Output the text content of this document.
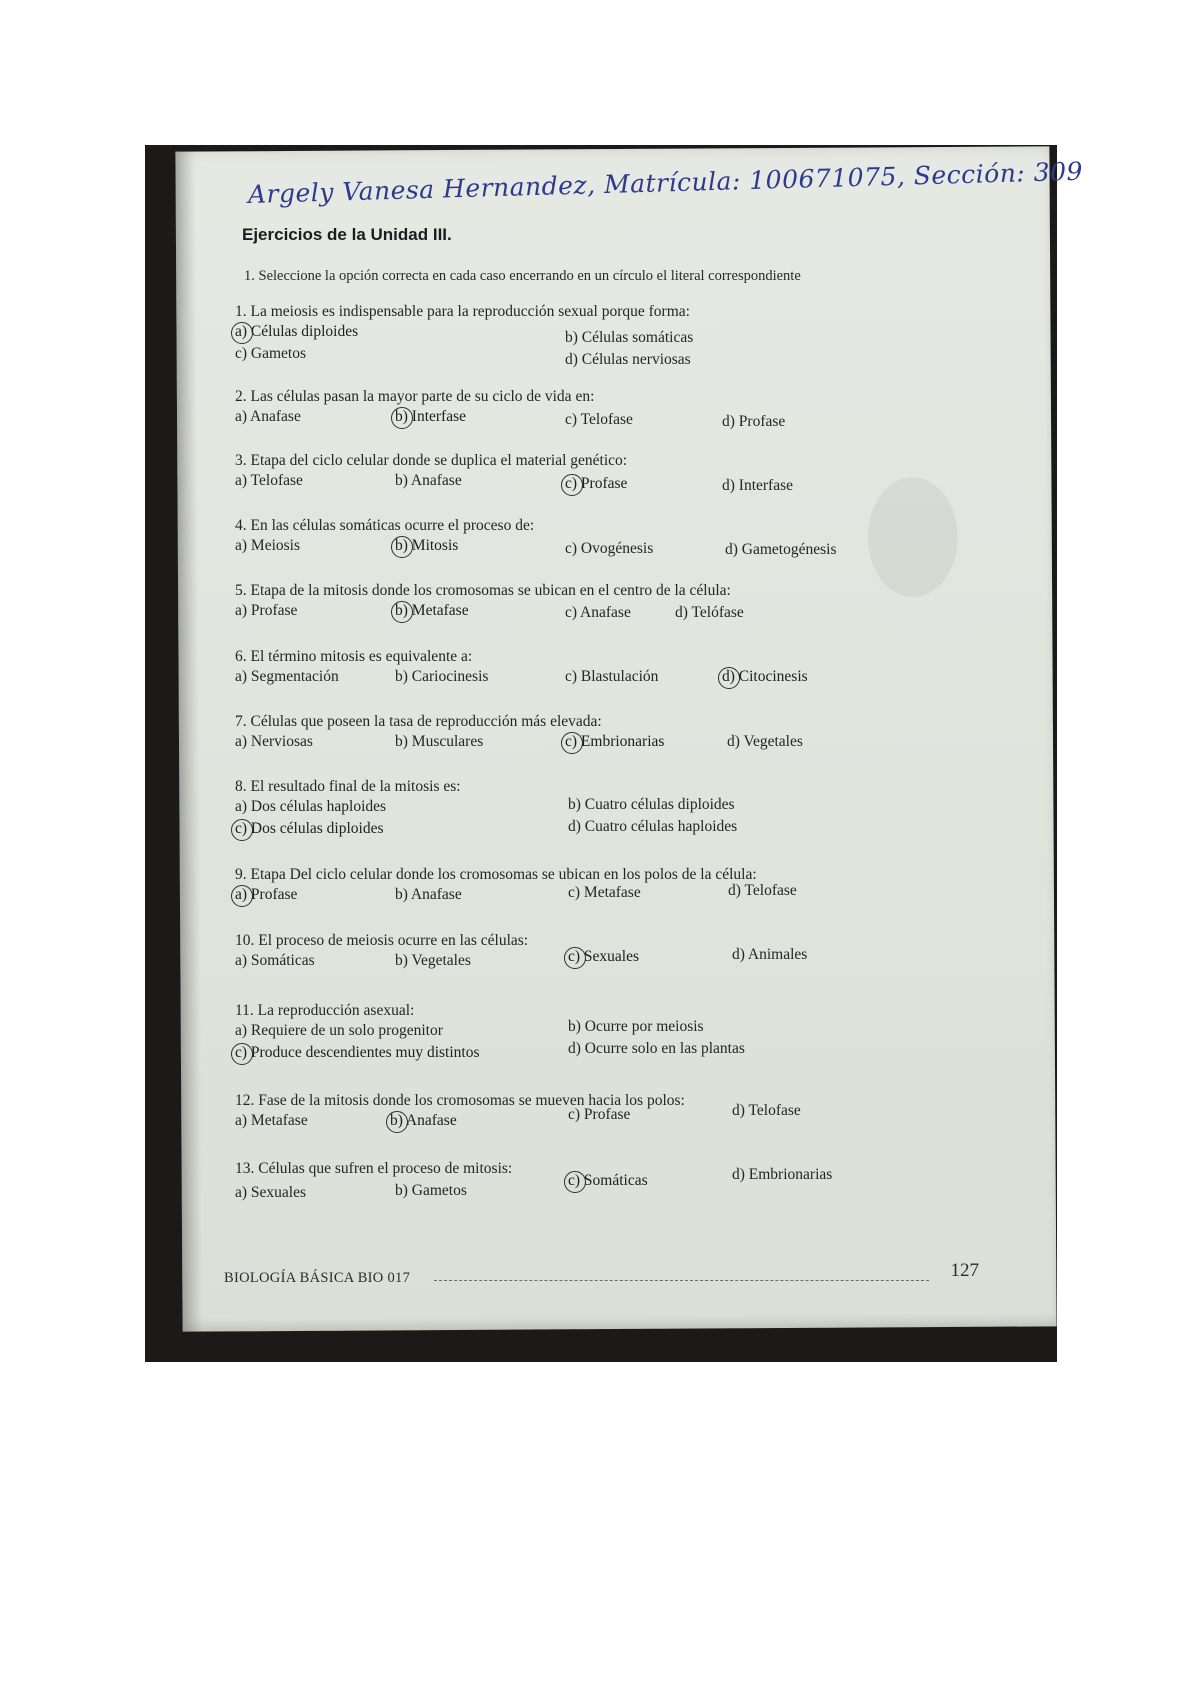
Argely Vanesa Hernandez, Matrícula: 100671075, Sección: 309
Ejercicios de la Unidad III.
1. Seleccione la opción correcta en cada caso encerrando en un círculo el literal correspondiente
1. La meiosis es indispensable para la reproducción sexual porque forma:
a) Células diploides	b) Células somáticas
c) Gametos	d) Células nerviosas
2. Las células pasan la mayor parte de su ciclo de vida en:
a) Anafase	b) Interfase	c) Telofase	d) Profase
3. Etapa del ciclo celular donde se duplica el material genético:
a) Telofase	b) Anafase	c) Profase	d) Interfase
4. En las células somáticas ocurre el proceso de:
a) Meiosis	b) Mitosis	c) Ovogénesis	d) Gametogénesis
5. Etapa de la mitosis donde los cromosomas se ubican en el centro de la célula:
a) Profase	b) Metafase	c) Anafase	d) Telófase
6. El término mitosis es equivalente a:
a) Segmentación	b) Cariocinesis	c) Blastulación	d) Citocinesis
7. Células que poseen la tasa de reproducción más elevada:
a) Nerviosas	b) Musculares	c) Embrionarias	d) Vegetales
8. El resultado final de la mitosis es:
a) Dos células haploides	b) Cuatro células diploides
c) Dos células diploides	d) Cuatro células haploides
9. Etapa Del ciclo celular donde los cromosomas se ubican en los polos de la célula:
a) Profase	b) Anafase	c) Metafase	d) Telofase
10. El proceso de meiosis ocurre en las células:
a) Somáticas	b) Vegetales	c) Sexuales	d) Animales
11. La reproducción asexual:
a) Requiere de un solo progenitor	b) Ocurre por meiosis
c) Produce descendientes muy distintos	d) Ocurre solo en las plantas
12. Fase de la mitosis donde los cromosomas se mueven hacia los polos:
a) Metafase	b) Anafase	c) Profase	d) Telofase
13. Células que sufren el proceso de mitosis:
a) Sexuales	b) Gametos
c) Somáticas	d) Embrionarias
BIOLOGÍA BÁSICA BIO 017	127
